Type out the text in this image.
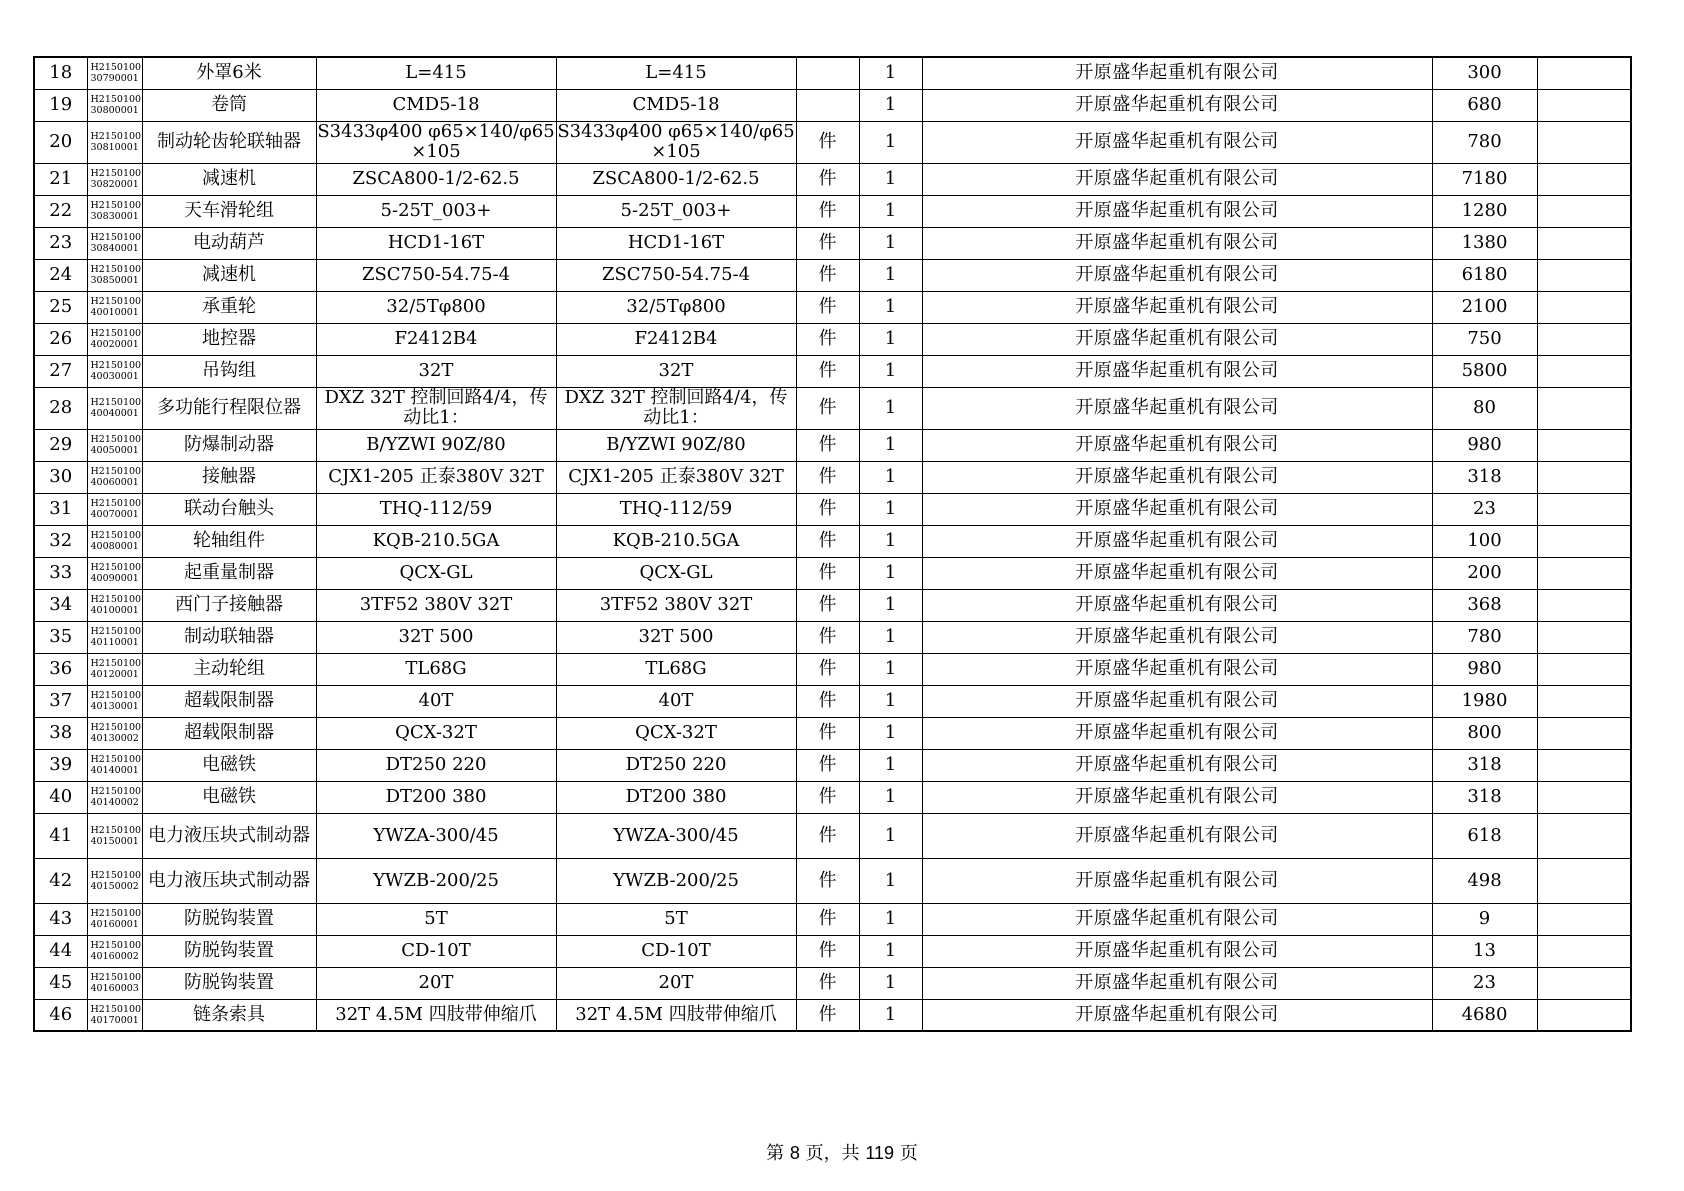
18	H2150100 30790001	外罩6米	L=415	L=415		1	开原盛华起重机有限公司	300	
19	H2150100 30800001	卷筒	CMD5-18	CMD5-18		1	开原盛华起重机有限公司	680	
20	H2150100 30810001	制动轮齿轮联轴器	S3433φ400 φ65×140/φ65×105	S3433φ400 φ65×140/φ65×105	件	1	开原盛华起重机有限公司	780	
21	H2150100 30820001	减速机	ZSCA800-1/2-62.5	ZSCA800-1/2-62.5	件	1	开原盛华起重机有限公司	7180	
22	H2150100 30830001	天车滑轮组	5-25T_003+	5-25T_003+	件	1	开原盛华起重机有限公司	1280	
23	H2150100 30840001	电动葫芦	HCD1-16T	HCD1-16T	件	1	开原盛华起重机有限公司	1380	
24	H2150100 30850001	减速机	ZSC750-54.75-4	ZSC750-54.75-4	件	1	开原盛华起重机有限公司	6180	
25	H2150100 40010001	承重轮	32/5Tφ800	32/5Tφ800	件	1	开原盛华起重机有限公司	2100	
26	H2150100 40020001	地控器	F2412B4	F2412B4	件	1	开原盛华起重机有限公司	750	
27	H2150100 40030001	吊钩组	32T	32T	件	1	开原盛华起重机有限公司	5800	
28	H2150100 40040001	多功能行程限位器	DXZ 32T 控制回路4/4，传动比1：	DXZ 32T 控制回路4/4，传动比1：	件	1	开原盛华起重机有限公司	80	
29	H2150100 40050001	防爆制动器	B/YZWI 90Z/80	B/YZWI 90Z/80	件	1	开原盛华起重机有限公司	980	
30	H2150100 40060001	接触器	CJX1-205 正泰380V 32T	CJX1-205 正泰380V 32T	件	1	开原盛华起重机有限公司	318	
31	H2150100 40070001	联动台触头	THQ-112/59	THQ-112/59	件	1	开原盛华起重机有限公司	23	
32	H2150100 40080001	轮轴组件	KQB-210.5GA	KQB-210.5GA	件	1	开原盛华起重机有限公司	100	
33	H2150100 40090001	起重量制器	QCX-GL	QCX-GL	件	1	开原盛华起重机有限公司	200	
34	H2150100 40100001	西门子接触器	3TF52 380V 32T	3TF52 380V 32T	件	1	开原盛华起重机有限公司	368	
35	H2150100 40110001	制动联轴器	32T 500	32T 500	件	1	开原盛华起重机有限公司	780	
36	H2150100 40120001	主动轮组	TL68G	TL68G	件	1	开原盛华起重机有限公司	980	
37	H2150100 40130001	超载限制器	40T	40T	件	1	开原盛华起重机有限公司	1980	
38	H2150100 40130002	超载限制器	QCX-32T	QCX-32T	件	1	开原盛华起重机有限公司	800	
39	H2150100 40140001	电磁铁	DT250 220	DT250 220	件	1	开原盛华起重机有限公司	318	
40	H2150100 40140002	电磁铁	DT200 380	DT200 380	件	1	开原盛华起重机有限公司	318	
41	H2150100 40150001	电力液压块式制动器	YWZA-300/45	YWZA-300/45	件	1	开原盛华起重机有限公司	618	
42	H2150100 40150002	电力液压块式制动器	YWZB-200/25	YWZB-200/25	件	1	开原盛华起重机有限公司	498	
43	H2150100 40160001	防脱钩装置	5T	5T	件	1	开原盛华起重机有限公司	9	
44	H2150100 40160002	防脱钩装置	CD-10T	CD-10T	件	1	开原盛华起重机有限公司	13	
45	H2150100 40160003	防脱钩装置	20T	20T	件	1	开原盛华起重机有限公司	23	
46	H2150100 40170001	链条索具	32T 4.5M 四肢带伸缩爪	32T 4.5M 四肢带伸缩爪	件	1	开原盛华起重机有限公司	4680	
第 8 页，共 119 页
